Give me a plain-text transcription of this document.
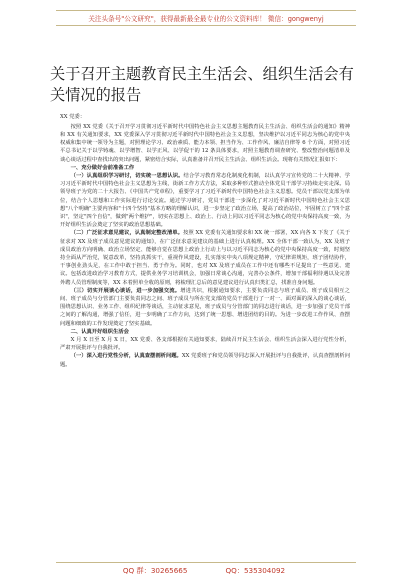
关注头条号"公文研究"，获得最新最全最专业的公文资料库！ 微信：gongwenyj
关于召开主题教育民主生活会、组织生活会有关情况的报告

XX 党委：

按照 XX 党委《关于召开学习贯彻习近平新时代中国特色社会主义思想主题教育民主生活会、组织生活会的通知》精神和 XX 有关通知要求，XX 党委深入学习贯彻习近平新时代中国特色社会主义思想，坚决维护以习近平同志为核心的党中央权威和集中统一领导为主题，对照理论学习、政治素质、能力本领、担当作为、工作作风、廉洁自律等 6 个方面，对照习近平总书记关于以学铸魂、以学增智、以学正风、以学促干的 12 条具体要求，对照主题教育调查研究、整改整治问题清单及谈心谈话过程中查找出的突出问题，紧密结合实际，认真准备并召开民主生活会、组织生活会。现将有关情况汇报如下：

一、充分做好会前准备工作

（一）认真组织学习研讨，切实统一思想认识。结合学习教育常态化制度化机制，以认真学习宣传党的二十大精神、学习习近平新时代中国特色社会主义思想为主线，街新工作方式方法，采取多种形式推动全体党员干部学习持续走实走深。局领导班子为党的二十大报告、《中国共产党章程》，重要学习了习近平新时代中国特色社会主义思想。党员干部以党支部为单位，结合个人思想和工作实际进行讨论交流。通过学习研讨，党员干部进一步深化了对习近平新时代中国特色社会主义思想"八个明确"主要内容和"十四个坚持"基本方略的理解认识，进一步坚定了政治立场，提高了政治站位，牢固树立了"四个意识"，坚定"四个自信"，做到"两个维护"，切实在思想上、政治上、行动上同以习近平同志为核心的党中央保持高度一致，为开好组织生活会奠定了坚实的政治思想基础。

（二）广泛征求意见建议，认真制定整改清单。按照 XX 党委有关通知要求和 XX 统一部署，XX 向各 X 下发了《关于征求对 XX 及班子成员意见建议的通知》，在广泛征求意见建议的基础上进行认真梳理。XX 全体干部一致认为，XX 及班子成员政治方向明确、政治立场坚定、能够自觉在思想上政治上行动上与以习近平同志为核心的党中央保持高度一致，时刻坚持全面从严治党，锐意改革，坚持真抓实干，重视作风建设，扎实落实中央八项规定精神，守纪律讲规矩，班子团结协作，干事创业劲头足，在工作中敢于担当、勇于作为。同时，也对 XX 及班子成员在工作中还有哪些不足提出了一些意见、建议。包括改进政治学习教育方式，提供业务学习培训机会，加强日常谈心沟通，完善办公条件，增加干部福利待遇以及完善外聘人员管理制度等，XX 本着照单全收的原则，将梳理汇总后的意见建议进行认真归类汇总，找准自身问题。

（三）切实开展谈心谈话，进一步加强交流。增进共识，根据通知要求，主要负责同志与班子成员、班子成员相互之间、班子成员与分管部门主要负责同志之间、班子成员与所在党支部的党员干部进行了一对一、面对面的深入的谈心谈话，围绕思想认识、业务工作、组织纪律等谈话，主动征求意见，班子成员与分管部门的同志进行谈话，进一步加强了党员干部之间的了解沟通，增强了信任，进一步明确了工作方向，达到了统一思想、增进团结的目的。为进一步改进工作作风、查摆问题和细致的工作发现奠定了坚实基础。

二、认真开好组织生活会

X 月 X 日至 X 月 X 日，XX 党委、各支部根据有关通知要求，陆续召开民主生活会、组织生活会深入进行党性分析，严肃开展批评与自我批评。

（一）深入进行党性分析，认真查摆剖析问题。XX 党委班子和党员领导同志深入开展批评与自我批评，认真查摆剖析问题。

QQ 群：30265665	QQ：535304092
